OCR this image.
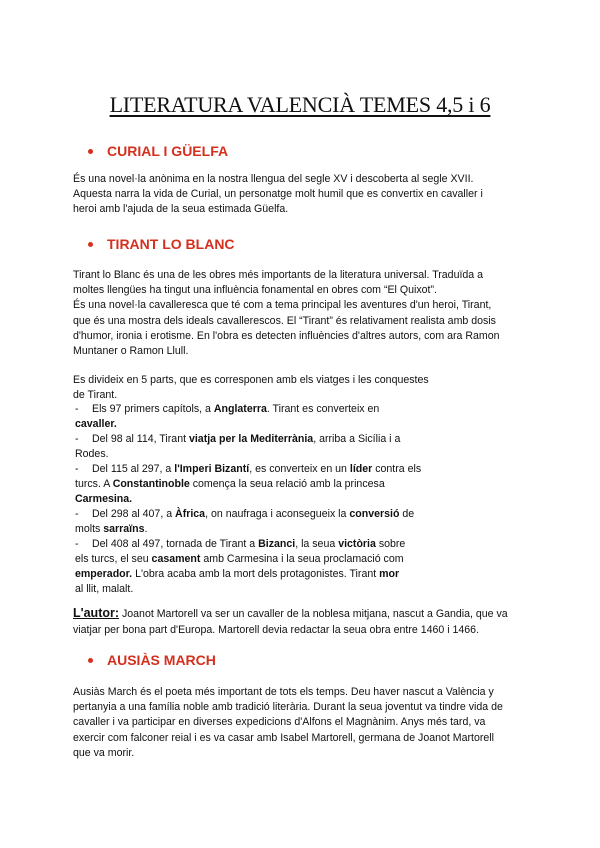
LITERATURA VALENCIÀ TEMES 4,5 i 6
CURIAL I GÜELFA

És una novel·la anònima en la nostra llengua del segle XV i descoberta al segle XVII.

Aquesta narra la vida de Curial, un personatge molt humil que es convertix en cavaller i

heroi amb l'ajuda de la seua estimada Güelfa.

TIRANT LO BLANC

Tirant lo Blanc és una de les obres més importants de la literatura universal. Traduïda a

moltes llengües ha tingut una influència fonamental en obres com “El Quixot”.

És una novel·la cavalleresca que té com a tema principal les aventures d'un heroi, Tirant,

que és una mostra dels ideals cavallerescos. El “Tirant” és relativament realista amb dosis

d'humor, ironia i erotisme. En l'obra es detecten influències d'altres autors, com ara Ramon

Muntaner o Ramon Llull.

Es divideix en 5 parts, que es corresponen amb els viatges i les conquestes

de Tirant.

- Els 97 primers capítols, a Anglaterra. Tirant es converteix en
cavaller.
- Del 98 al 114, Tirant viatja per la Mediterrània, arriba a Sicília i a
Rodes.
- Del 115 al 297, a l'Imperi Bizantí, es converteix en un líder contra els
turcs. A Constantinoble comença la seua relació amb la princesa
Carmesina.
- Del 298 al 407, a Àfrica, on naufraga i aconsegueix la conversió de
molts sarraïns.
- Del 408 al 497, tornada de Tirant a Bizanci, la seua victòria sobre
els turcs, el seu casament amb Carmesina i la seua proclamació com
emperador. L'obra acaba amb la mort dels protagonistes. Tirant mor
al llit, malalt.
L'autor: Joanot Martorell va ser un cavaller de la noblesa mitjana, nascut a Gandia, que va
viatjar per bona part d'Europa. Martorell devia redactar la seua obra entre 1460 i 1466.
AUSIÀS MARCH

Ausiàs March és el poeta més important de tots els temps. Deu haver nascut a València y

pertanyia a una família noble amb tradició literària. Durant la seua joventut va tindre vida de

cavaller i va participar en diverses expedicions d'Alfons el Magnànim. Anys més tard, va

exercir com falconer reial i es va casar amb Isabel Martorell, germana de Joanot Martorell

que va morir.
